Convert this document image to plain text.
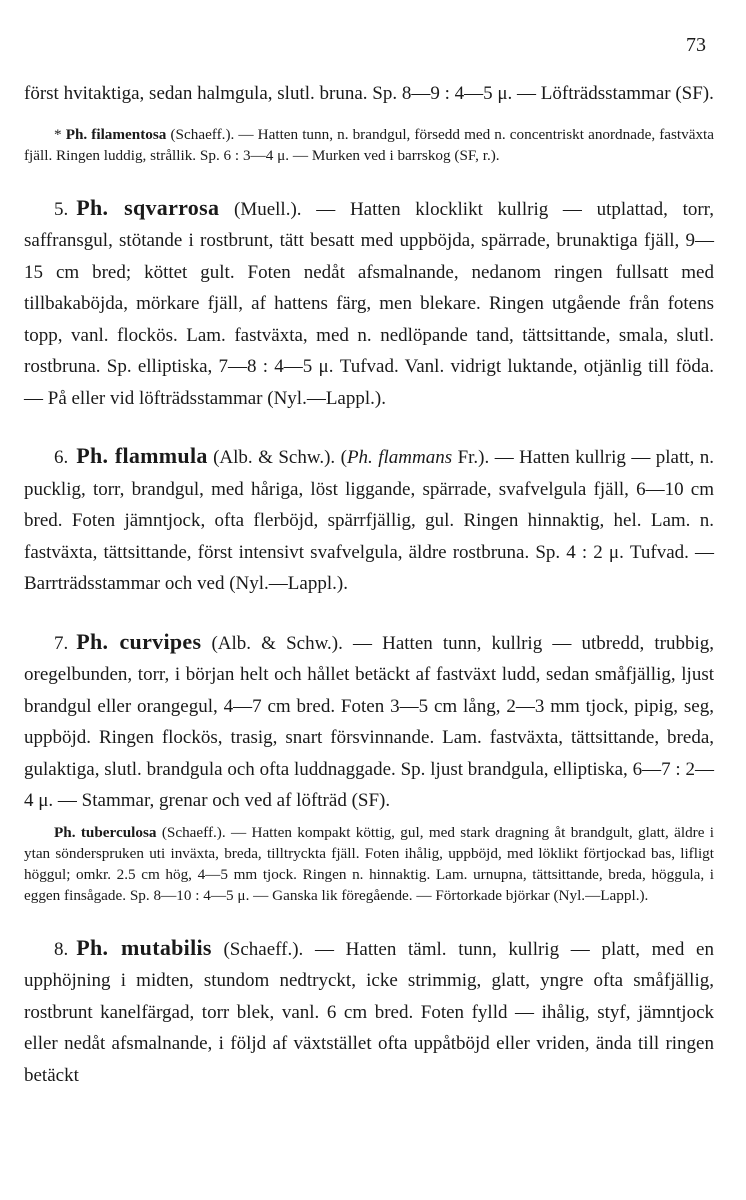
73

först hvitaktiga, sedan halmgula, slutl. bruna. Sp. 8—9 : 4—5 μ. — Löfträdsstammar (SF).

* Ph. filamentosa (Schaeff.). — Hatten tunn, n. brandgul, försedd med n. concentriskt anordnade, fastväxta fjäll. Ringen luddig, strållik. Sp. 6 : 3—4 μ. — Murken ved i barrskog (SF, r.).

5. Ph. sqvarrosa (Muell.). — Hatten klocklikt kullrig — utplattad, torr, saffransgul, stötande i rostbrunt, tätt besatt med uppböjda, spärrade, brunaktiga fjäll, 9—15 cm bred; köttet gult. Foten nedåt afsmalnande, nedanom ringen fullsatt med tillbakaböjda, mörkare fjäll, af hattens färg, men blekare. Ringen utgående från fotens topp, vanl. flockös. Lam. fastväxta, med n. nedlöpande tand, tättsittande, smala, slutl. rostbruna. Sp. elliptiska, 7—8 : 4—5 μ. Tufvad. Vanl. vidrigt luktande, otjänlig till föda. — På eller vid löfträdsstammar (Nyl.—Lappl.).

6. Ph. flammula (Alb. & Schw.). (Ph. flammans Fr.). — Hatten kullrig — platt, n. pucklig, torr, brandgul, med håriga, löst liggande, spärrade, svafvelgula fjäll, 6—10 cm bred. Foten jämntjock, ofta flerböjd, spärrfjällig, gul. Ringen hinnaktig, hel. Lam. n. fastväxta, tättsittande, först intensivt svafvelgula, äldre rostbruna. Sp. 4 : 2 μ. Tufvad. — Barrträdsstammar och ved (Nyl.—Lappl.).

7. Ph. curvipes (Alb. & Schw.). — Hatten tunn, kullrig — utbredd, trubbig, oregelbunden, torr, i början helt och hållet betäckt af fastväxt ludd, sedan småfjällig, ljust brandgul eller orangegul, 4—7 cm bred. Foten 3—5 cm lång, 2—3 mm tjock, pipig, seg, uppböjd. Ringen flockös, trasig, snart försvinnande. Lam. fastväxta, tättsittande, breda, gulaktiga, slutl. brandgula och ofta luddnaggade. Sp. ljust brandgula, elliptiska, 6—7 : 2—4 μ. — Stammar, grenar och ved af löfträd (SF).

Ph. tuberculosa (Schaeff.). — Hatten kompakt köttig, gul, med stark dragning åt brandgult, glatt, äldre i ytan sönderspruken uti inväxta, breda, tilltryckta fjäll. Foten ihålig, uppböjd, med löklikt förtjockad bas, lifligt höggul; omkr. 2.5 cm hög, 4—5 mm tjock. Ringen n. hinnaktig. Lam. urnupna, tättsittande, breda, höggula, i eggen finsågade. Sp. 8—10 : 4—5 μ. — Ganska lik föregående. — Förtorkade björkar (Nyl.—Lappl.).

8. Ph. mutabilis (Schaeff.). — Hatten täml. tunn, kullrig — platt, med en upphöjning i midten, stundom nedtryckt, icke strimmig, glatt, yngre ofta småfjällig, rostbrunt kanelfärgad, torr blek, vanl. 6 cm bred. Foten fylld — ihålig, styf, jämntjock eller nedåt afsmalnande, i följd af växtstället ofta uppåtböjd eller vriden, ända till ringen betäckt
